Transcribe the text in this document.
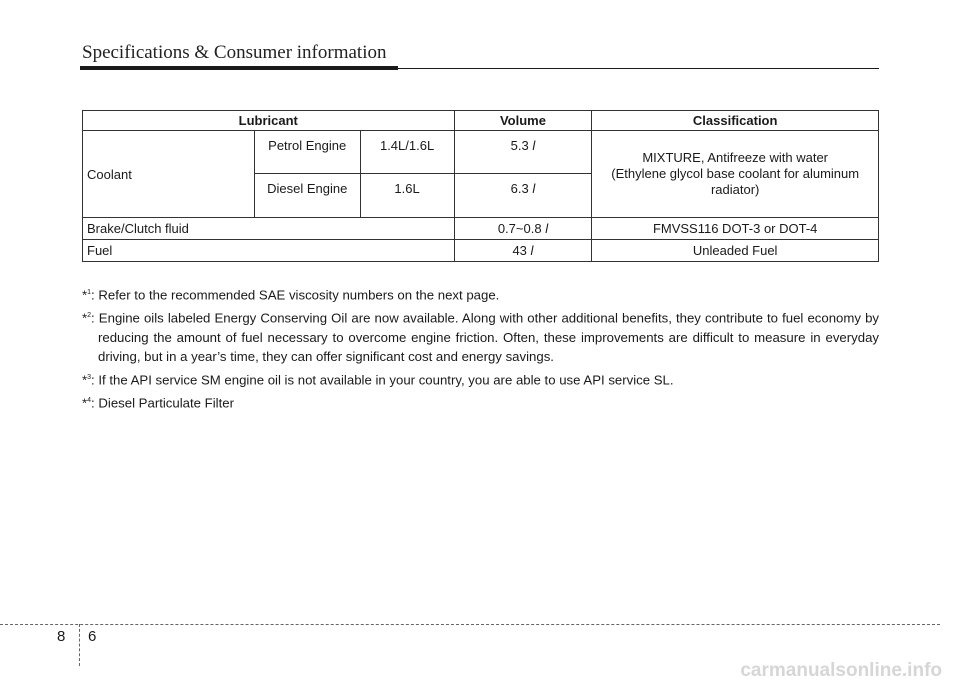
Specifications & Consumer information
Lubricant			Volume	Classification
Coolant	Petrol Engine	1.4L/1.6L	5.3 l	MIXTURE, Antifreeze with water
(Ethylene glycol base coolant for aluminum
radiator)
	Diesel Engine	1.6L	6.3 l	
Brake/Clutch fluid			0.7~0.8 l	FMVSS116 DOT-3 or DOT-4
Fuel			43 l	Unleaded Fuel

*$^1$: Refer to the recommended SAE viscosity numbers on the next page.

*$^2$: Engine oils labeled Energy Conserving Oil are now available. Along with other additional benefits, they contribute to fuel economy by reducing the amount of fuel necessary to overcome engine friction. Often, these improvements are difficult to measure in everyday driving, but in a year’s time, they can offer significant cost and energy savings.

*$^3$: If the API service SM engine oil is not available in your country, you are able to use API service SL.

*$^4$: Diesel Particulate Filter

8 6
carmanualsonline.info
